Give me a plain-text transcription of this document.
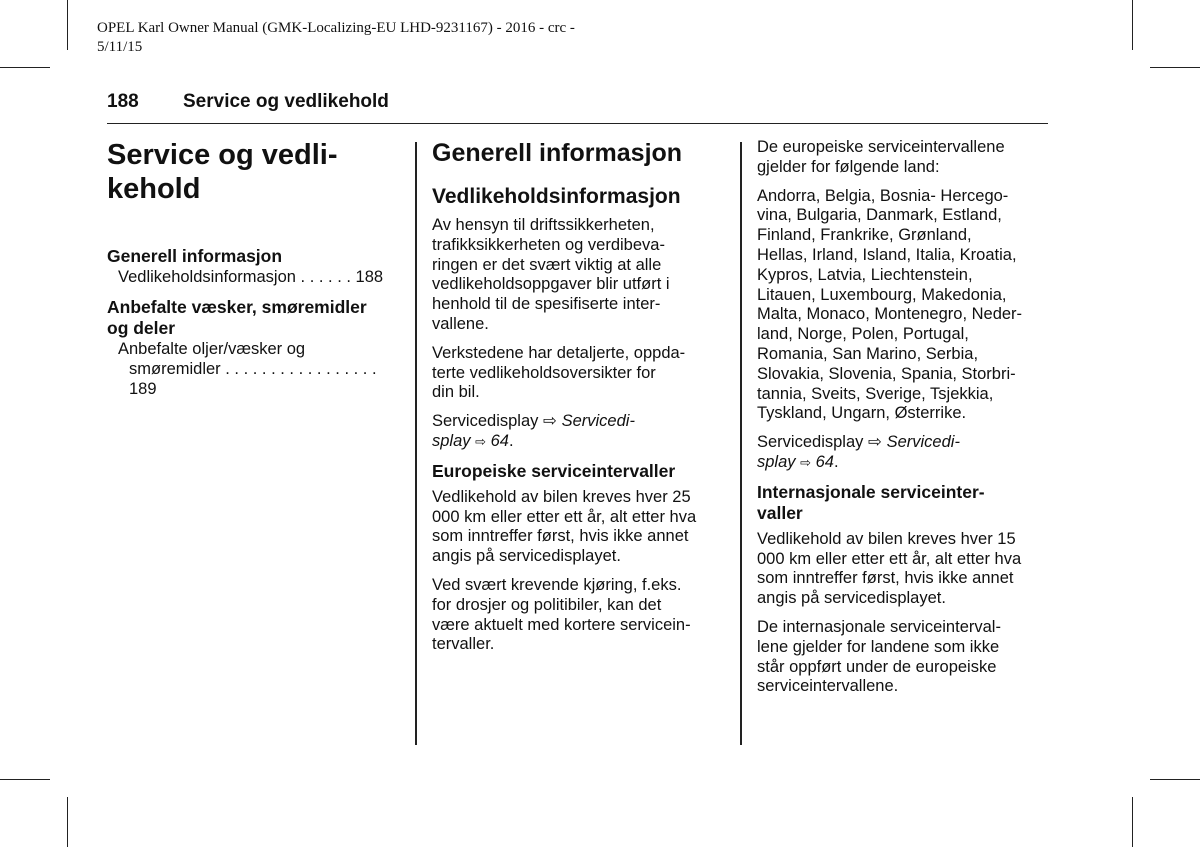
OPEL Karl Owner Manual (GMK-Localizing-EU LHD-9231167) - 2016 - crc -
5/11/15
188 Service og vedlikehold
Service og vedli-
kehold
Generell informasjon
Vedlikeholdsinformasjon . . . . . . 188
Anbefalte væsker, smøremidler
og deler
Anbefalte oljer/væsker og
smøremidler . . . . . . . . . . . . . . . . . 189
Generell informasjon
Vedlikeholdsinformasjon
Av hensyn til driftssikkerheten,
trafikksikkerheten og verdibeva-
ringen er det svært viktig at alle
vedlikeholdsoppgaver blir utført i
henhold til de spesifiserte inter-
vallene.
Verkstedene har detaljerte, oppda-
terte vedlikeholdsoversikter for
din bil.
Servicedisplay ⇨ Servicedi-
splay ⇨ 64.
Europeiske serviceintervaller
Vedlikehold av bilen kreves hver 25
000 km eller etter ett år, alt etter hva
som inntreffer først, hvis ikke annet
angis på servicedisplayet.
Ved svært krevende kjøring, f.eks.
for drosjer og politibiler, kan det
være aktuelt med kortere servicein-
tervaller.
De europeiske serviceintervallene
gjelder for følgende land:
Andorra, Belgia, Bosnia- Hercego-
vina, Bulgaria, Danmark, Estland,
Finland, Frankrike, Grønland,
Hellas, Irland, Island, Italia, Kroatia,
Kypros, Latvia, Liechtenstein,
Litauen, Luxembourg, Makedonia,
Malta, Monaco, Montenegro, Neder-
land, Norge, Polen, Portugal,
Romania, San Marino, Serbia,
Slovakia, Slovenia, Spania, Storbri-
tannia, Sveits, Sverige, Tsjekkia,
Tyskland, Ungarn, Østerrike.
Servicedisplay ⇨ Servicedi-
splay ⇨ 64.
Internasjonale serviceinter-
valler
Vedlikehold av bilen kreves hver 15
000 km eller etter ett år, alt etter hva
som inntreffer først, hvis ikke annet
angis på servicedisplayet.
De internasjonale serviceinterval-
lene gjelder for landene som ikke
står oppført under de europeiske
serviceintervallene.
